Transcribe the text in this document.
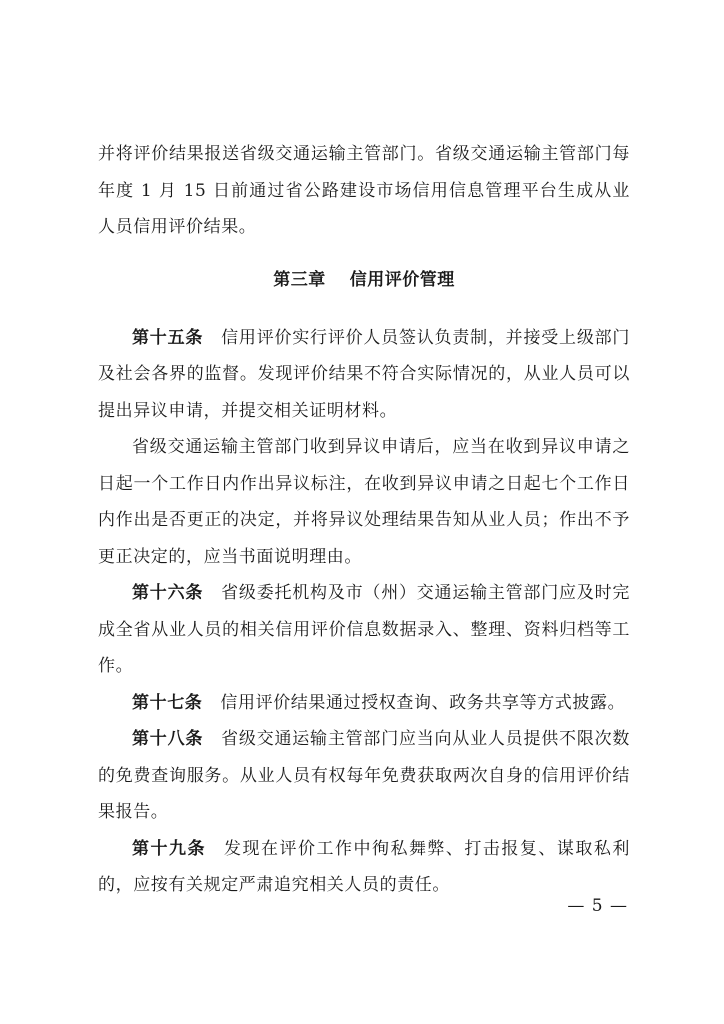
并将评价结果报送省级交通运输主管部门。省级交通运输主管部门每年度 1 月 15 日前通过省公路建设市场信用信息管理平台生成从业人员信用评价结果。

第三章 信用评价管理

第十五条 信用评价实行评价人员签认负责制，并接受上级部门及社会各界的监督。发现评价结果不符合实际情况的，从业人员可以提出异议申请，并提交相关证明材料。

省级交通运输主管部门收到异议申请后，应当在收到异议申请之日起一个工作日内作出异议标注，在收到异议申请之日起七个工作日内作出是否更正的决定，并将异议处理结果告知从业人员；作出不予更正决定的，应当书面说明理由。

第十六条 省级委托机构及市（州）交通运输主管部门应及时完成全省从业人员的相关信用评价信息数据录入、整理、资料归档等工作。

第十七条 信用评价结果通过授权查询、政务共享等方式披露。

第十八条 省级交通运输主管部门应当向从业人员提供不限次数的免费查询服务。从业人员有权每年免费获取两次自身的信用评价结果报告。

第十九条 发现在评价工作中徇私舞弊、打击报复、谋取私利的，应按有关规定严肃追究相关人员的责任。

— 5 —
